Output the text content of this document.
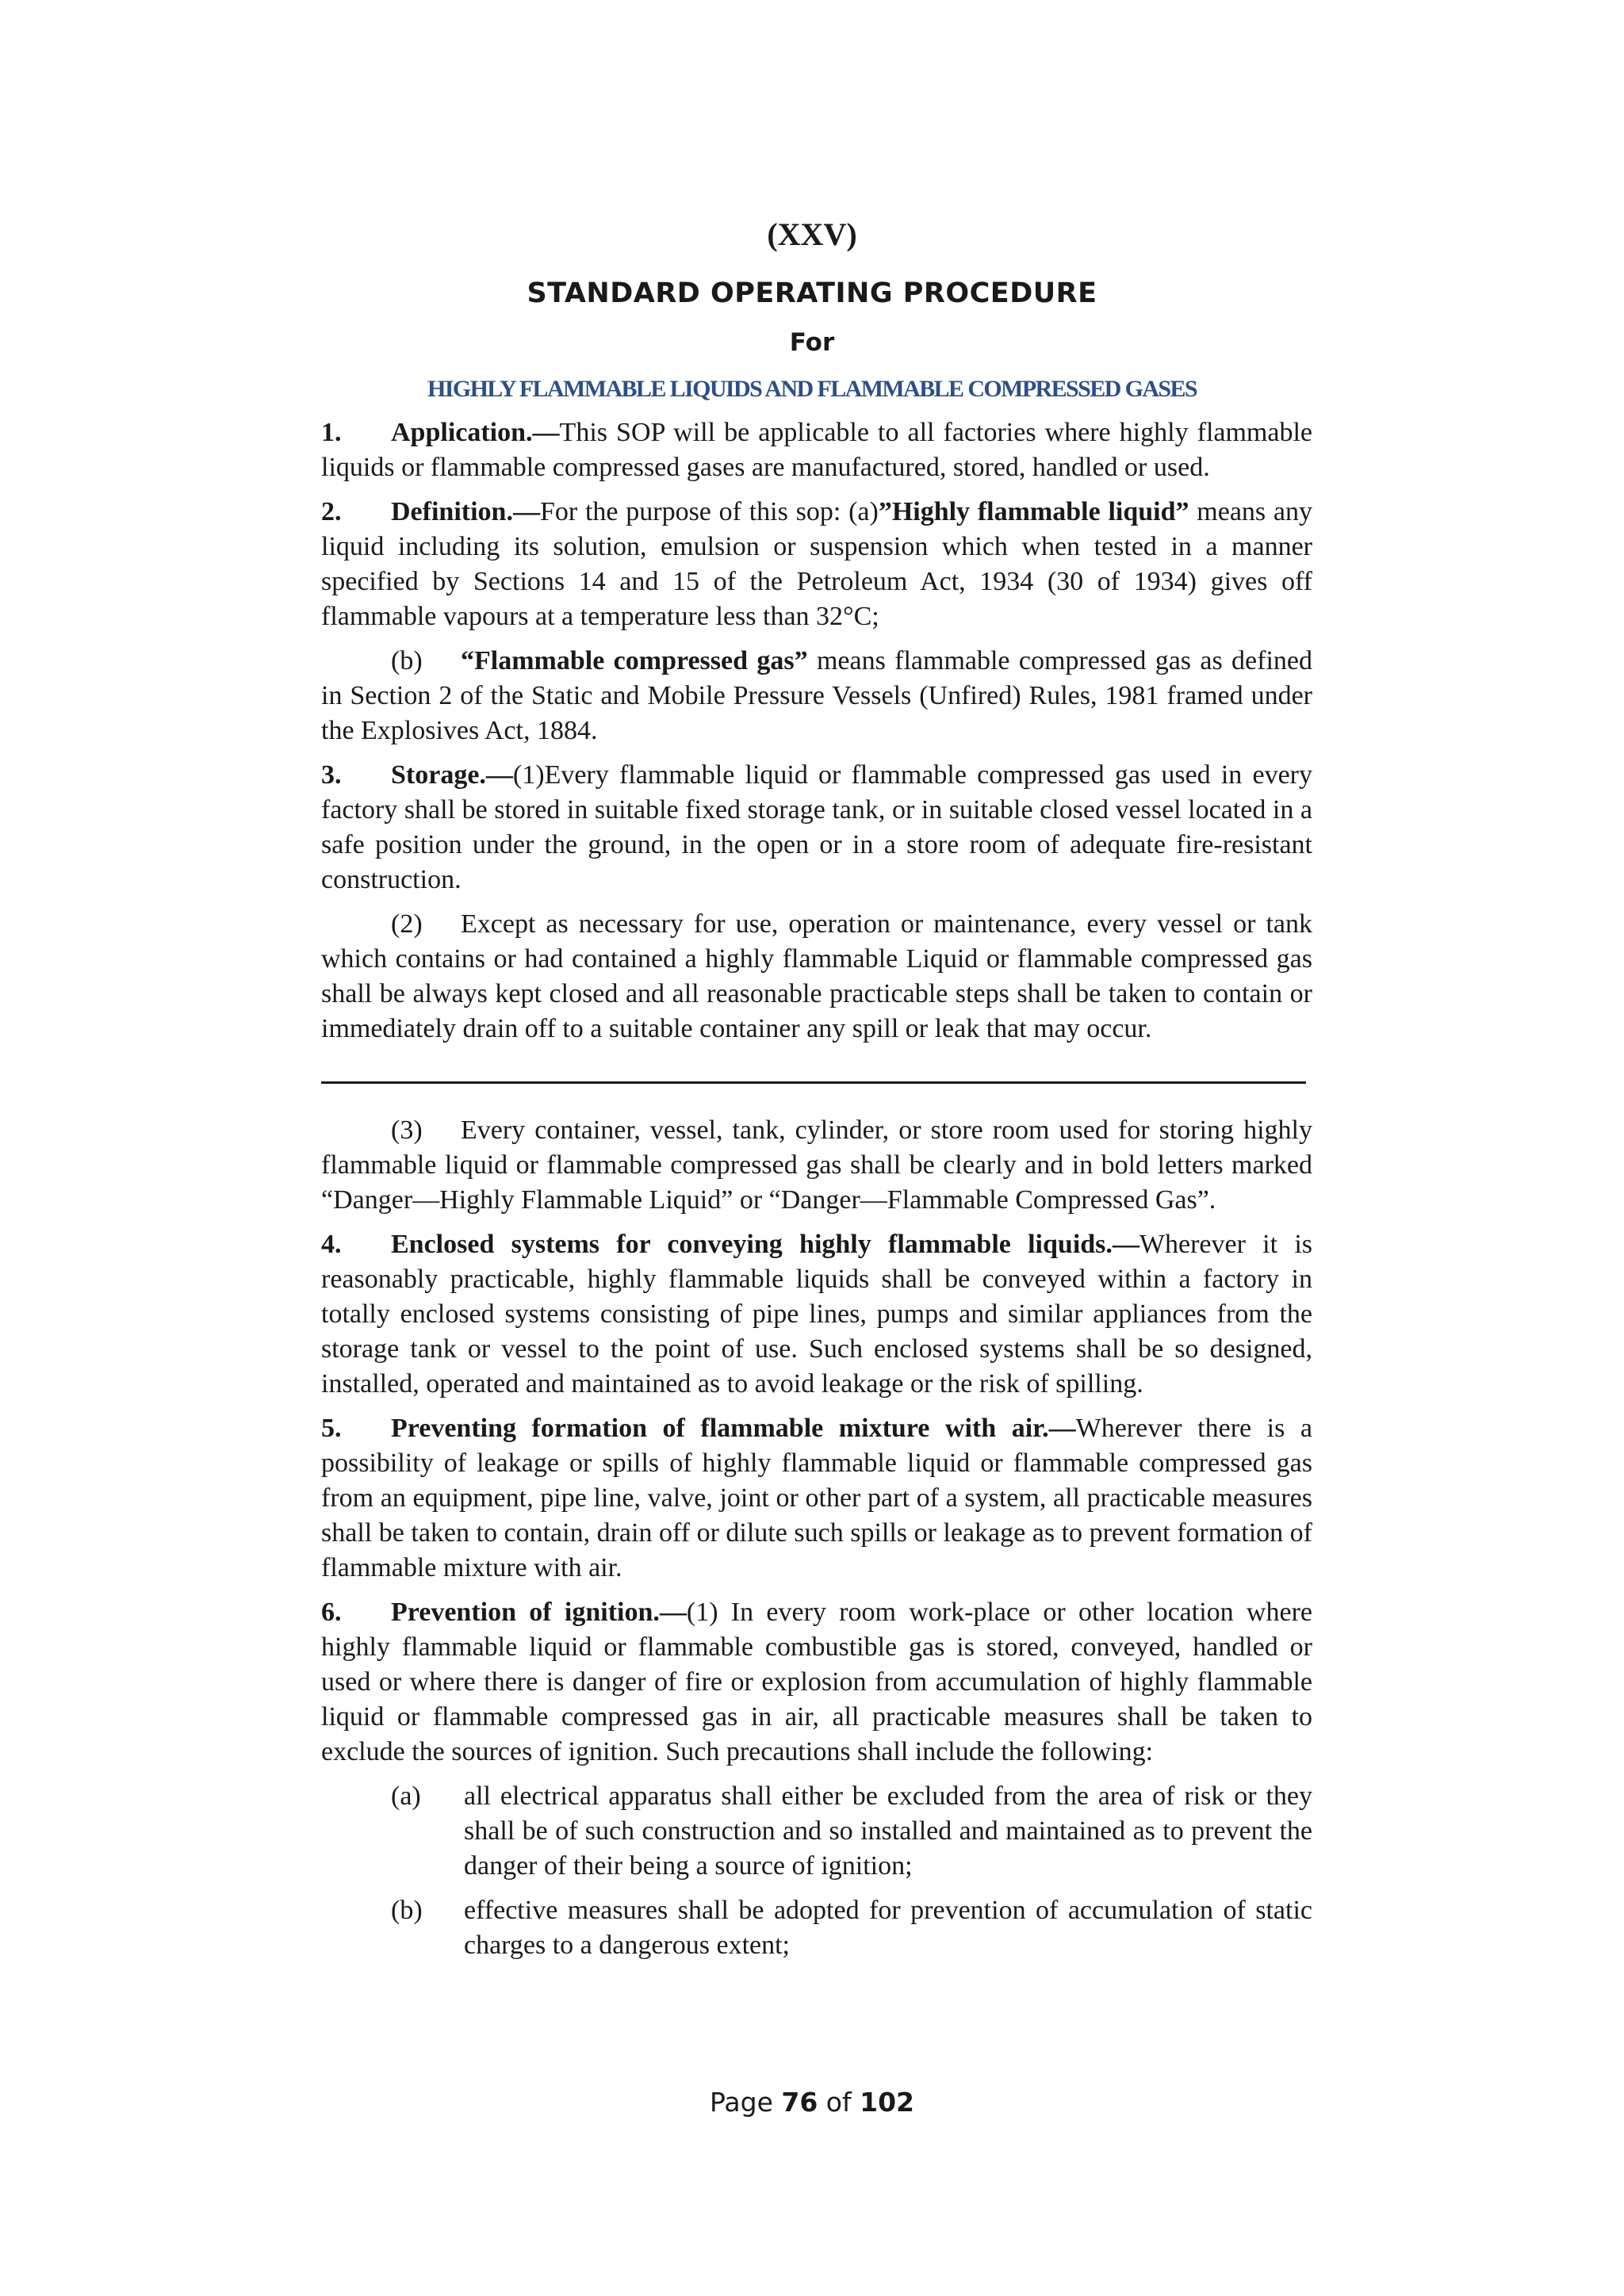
(XXV)
STANDARD OPERATING PROCEDURE
For
HIGHLY FLAMMABLE LIQUIDS AND FLAMMABLE COMPRESSED GASES

1. Application.—This SOP will be applicable to all factories where highly flammable liquids or flammable compressed gases are manufactured, stored, handled or used.

2. Definition.—For the purpose of this sop: (a)”Highly flammable liquid” means any liquid including its solution, emulsion or suspension which when tested in a manner specified by Sections 14 and 15 of the Petroleum Act, 1934 (30 of 1934) gives off flammable vapours at a temperature less than 32°C;

(b) “Flammable compressed gas” means flammable compressed gas as defined in Section 2 of the Static and Mobile Pressure Vessels (Unfired) Rules, 1981 framed under the Explosives Act, 1884.

3. Storage.—(1)Every flammable liquid or flammable compressed gas used in every factory shall be stored in suitable fixed storage tank, or in suitable closed vessel located in a safe position under the ground, in the open or in a store room of adequate fire-resistant construction.

(2) Except as necessary for use, operation or maintenance, every vessel or tank which contains or had contained a highly flammable Liquid or flammable compressed gas shall be always kept closed and all reasonable practicable steps shall be taken to contain or immediately drain off to a suitable container any spill or leak that may occur.

(3) Every container, vessel, tank, cylinder, or store room used for storing highly flammable liquid or flammable compressed gas shall be clearly and in bold letters marked “Danger—Highly Flammable Liquid” or “Danger—Flammable Compressed Gas”.

4. Enclosed systems for conveying highly flammable liquids.—Wherever it is reasonably practicable, highly flammable liquids shall be conveyed within a factory in totally enclosed systems consisting of pipe lines, pumps and similar appliances from the storage tank or vessel to the point of use. Such enclosed systems shall be so designed, installed, operated and maintained as to avoid leakage or the risk of spilling.

5. Preventing formation of flammable mixture with air.—Wherever there is a possibility of leakage or spills of highly flammable liquid or flammable compressed gas from an equipment, pipe line, valve, joint or other part of a system, all practicable measures shall be taken to contain, drain off or dilute such spills or leakage as to prevent formation of flammable mixture with air.

6. Prevention of ignition.—(1) In every room work-place or other location where highly flammable liquid or flammable combustible gas is stored, conveyed, handled or used or where there is danger of fire or explosion from accumulation of highly flammable liquid or flammable compressed gas in air, all practicable measures shall be taken to exclude the sources of ignition. Such precautions shall include the following:

(a)	all electrical apparatus shall either be excluded from the area of risk or they shall be of such construction and so installed and maintained as to prevent the danger of their being a source of ignition;
(b)	effective measures shall be adopted for prevention of accumulation of static charges to a dangerous extent;
Page 76 of 102
